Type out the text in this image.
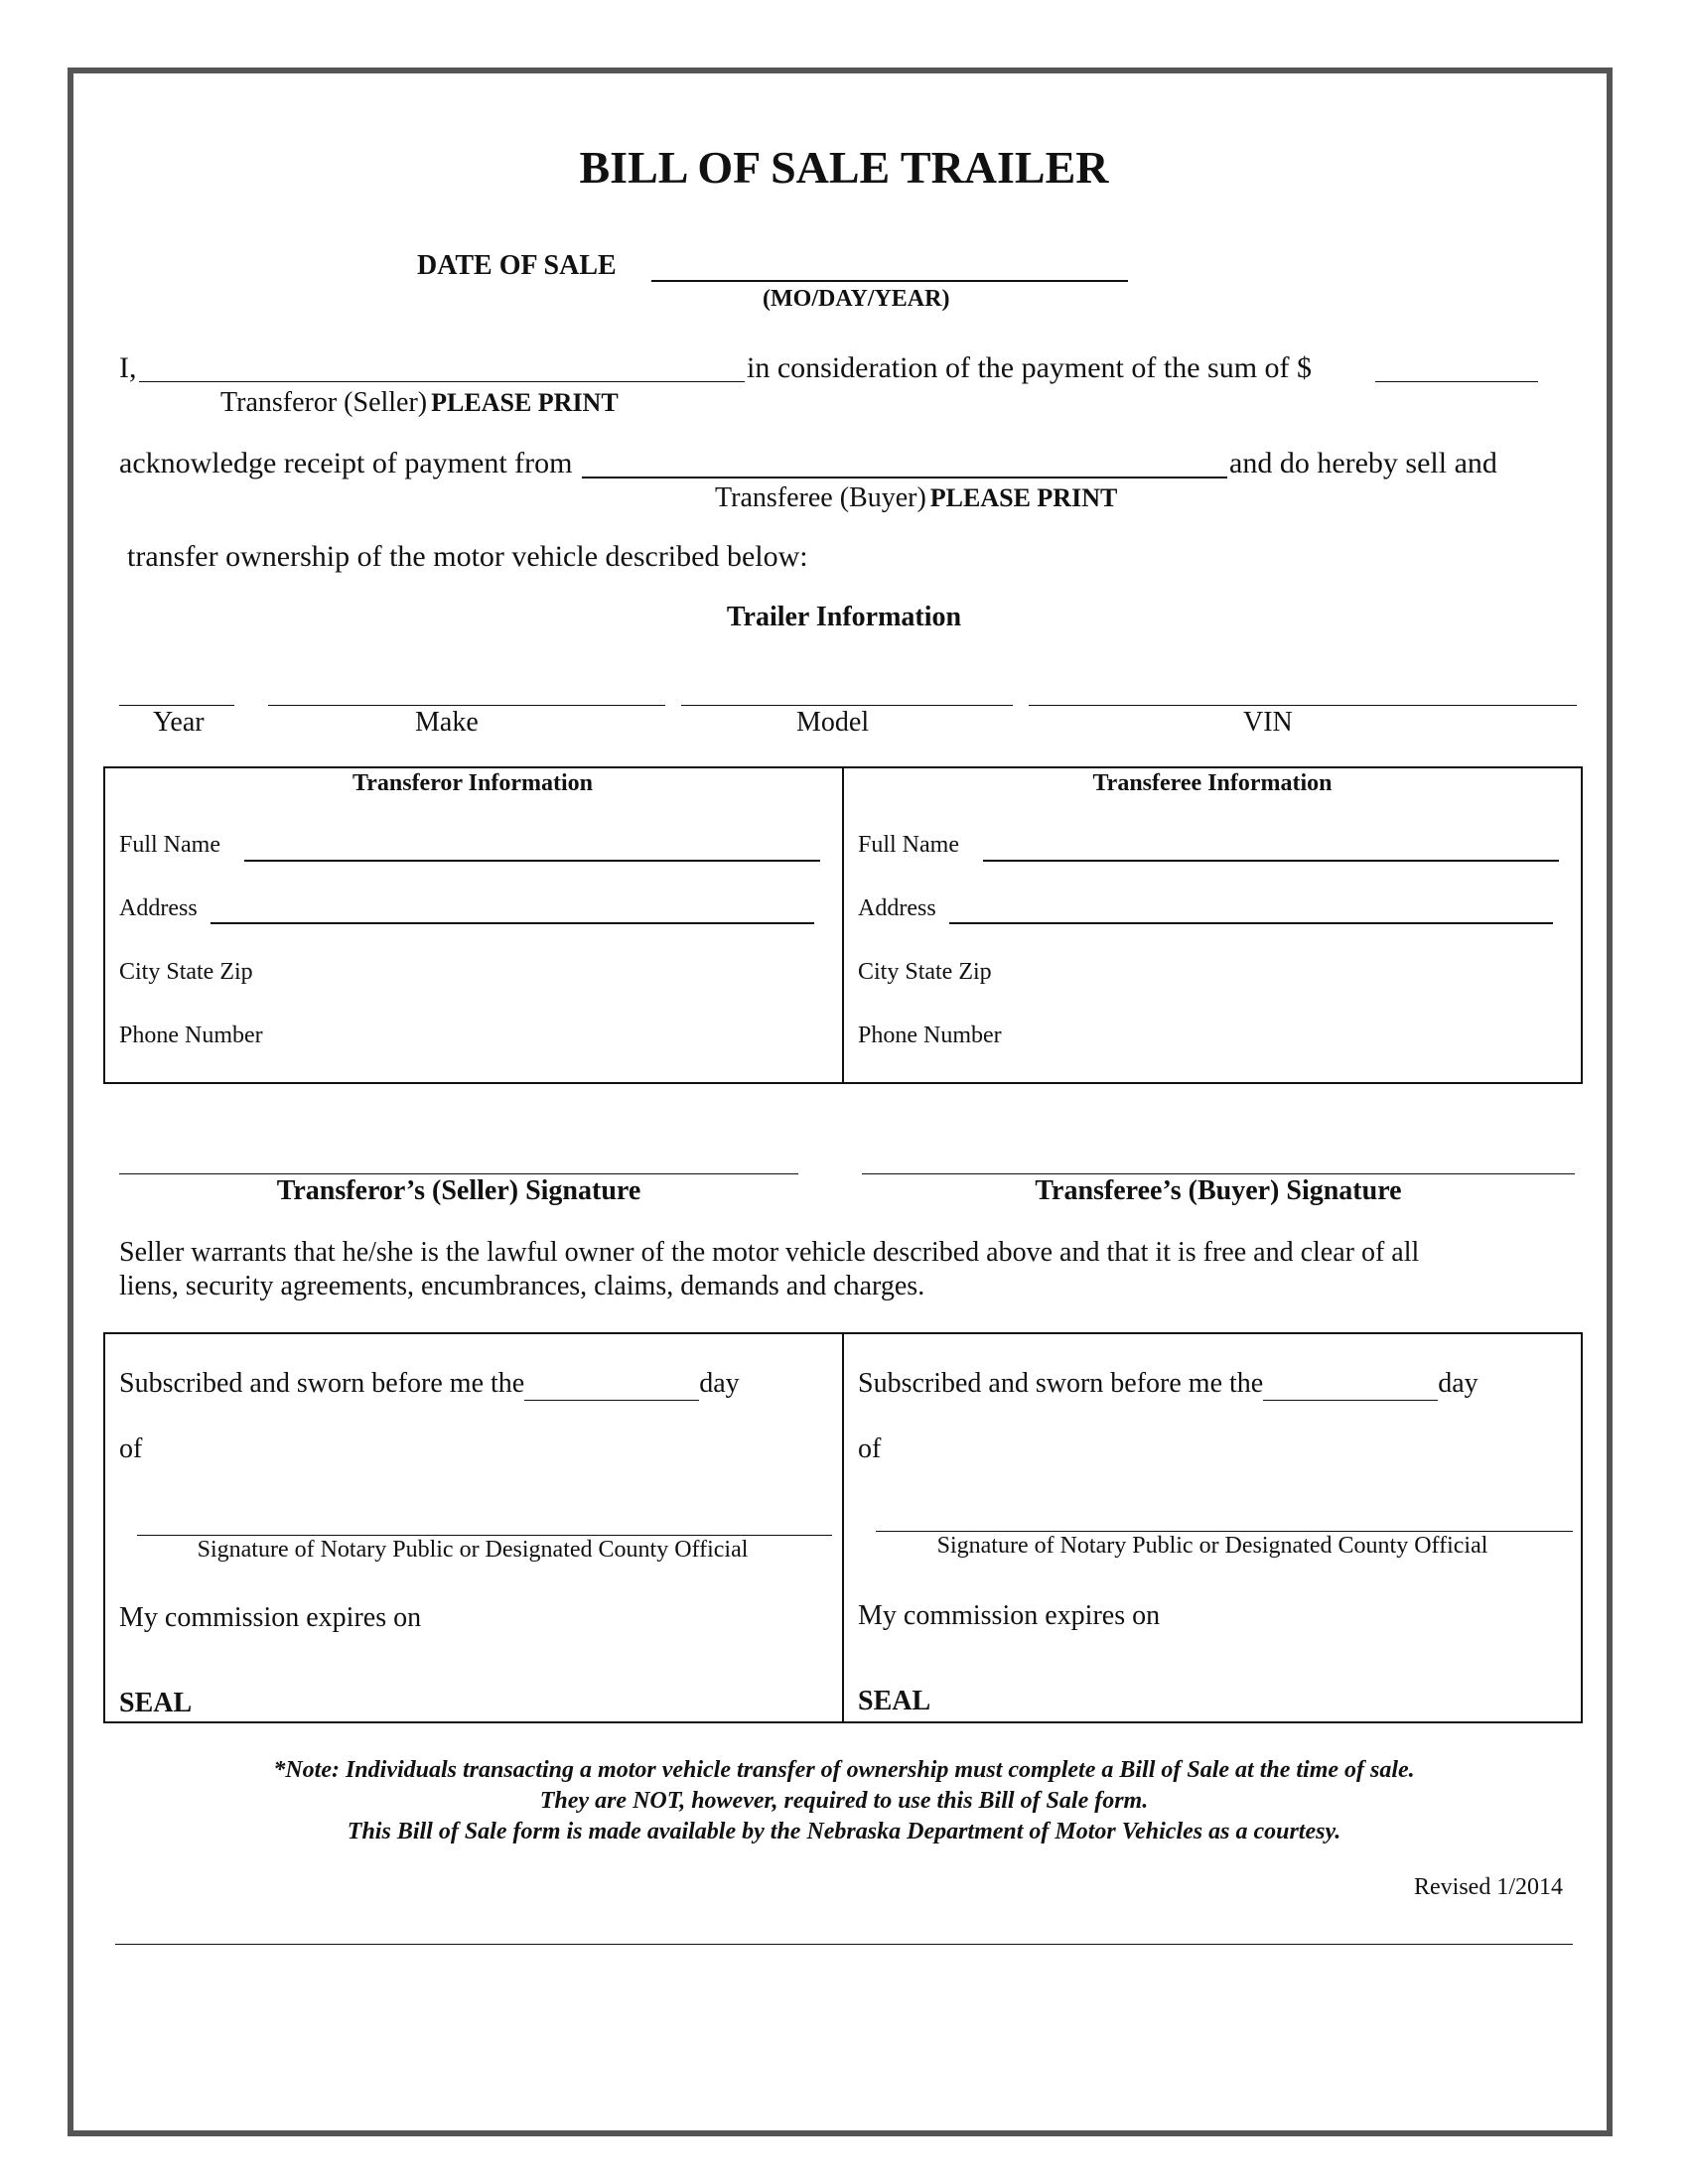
BILL OF SALE TRAILER
DATE OF SALE
(MO/DAY/YEAR)
I,	in consideration of the payment of the sum of $
Transferor (Seller) PLEASE PRINT
acknowledge receipt of payment from	and do hereby sell and
Transferee (Buyer) PLEASE PRINT
transfer ownership of the motor vehicle described below:
Trailer Information
Year	Make	Model	VIN
Transferor Information
Full Name
Address
City State Zip
Phone Number
Transferee Information
Full Name
Address
City State Zip
Phone Number
Transferor’s (Seller) Signature	Transferee’s (Buyer) Signature
Seller warrants that he/she is the lawful owner of the motor vehicle described above and that it is free and clear of all
liens, security agreements, encumbrances, claims, demands and charges.
Subscribed and sworn before me the	day
of
Signature of Notary Public or Designated County Official
My commission expires on
SEAL
Subscribed and sworn before me the	day
of
Signature of Notary Public or Designated County Official
My commission expires on
SEAL
*Note: Individuals transacting a motor vehicle transfer of ownership must complete a Bill of Sale at the time of sale.
They are NOT, however, required to use this Bill of Sale form.
This Bill of Sale form is made available by the Nebraska Department of Motor Vehicles as a courtesy.
Revised 1/2014
